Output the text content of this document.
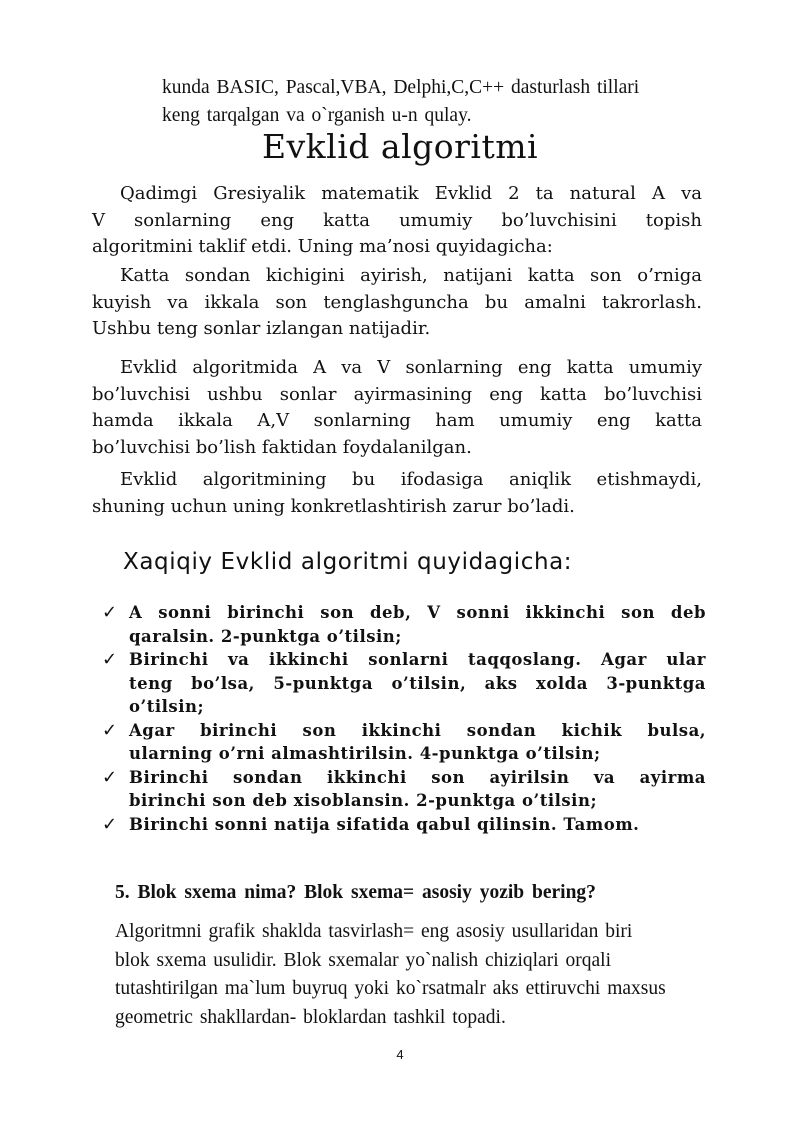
kunda BASIC, Pascal,VBA, Delphi,C,C++ dasturlash tillari
keng tarqalgan va o`rganish u-n qulay.
Evklid algoritmi
Qadimgi Gresiyalik matematik Evklid 2 ta natural A va
V sonlarning eng katta umumiy bo’luvchisini topish
algoritmini taklif etdi. Uning ma’nosi quyidagicha:
Katta sondan kichigini ayirish, natijani katta son o’rniga
kuyish va ikkala son tenglashguncha bu amalni takrorlash.
Ushbu teng sonlar izlangan natijadir.
Evklid algoritmida A va V sonlarning eng katta umumiy
bo’luvchisi ushbu sonlar ayirmasining eng katta bo’luvchisi
hamda ikkala A,V sonlarning ham umumiy eng katta
bo’luvchisi bo’lish faktidan foydalanilgan.
Evklid algoritmining bu ifodasiga aniqlik etishmaydi,
shuning uchun uning konkretlashtirish zarur bo’ladi.
Xaqiqiy Evklid algoritmi quyidagicha:
✓ A sonni birinchi son deb, V sonni ikkinchi son deb
qaralsin. 2-punktga o’tilsin;
✓ Birinchi va ikkinchi sonlarni taqqoslang. Agar ular
teng bo’lsa, 5-punktga o’tilsin, aks xolda 3-punktga
o’tilsin;
✓ Agar birinchi son ikkinchi sondan kichik bulsa,
ularning o’rni almashtirilsin. 4-punktga o’tilsin;
✓ Birinchi sondan ikkinchi son ayirilsin va ayirma
birinchi son deb xisoblansin. 2-punktga o’tilsin;
✓ Birinchi sonni natija sifatida qabul qilinsin. Tamom.
5. Blok sxema nima? Blok sxema= asosiy yozib bering?
Algoritmni grafik shaklda tasvirlash= eng asosiy usullaridan biri
blok sxema usulidir. Blok sxemalar yo`nalish chiziqlari orqali
tutashtirilgan ma`lum buyruq yoki ko`rsatmalr aks ettiruvchi maxsus
geometric shakllardan- bloklardan tashkil topadi.
4
